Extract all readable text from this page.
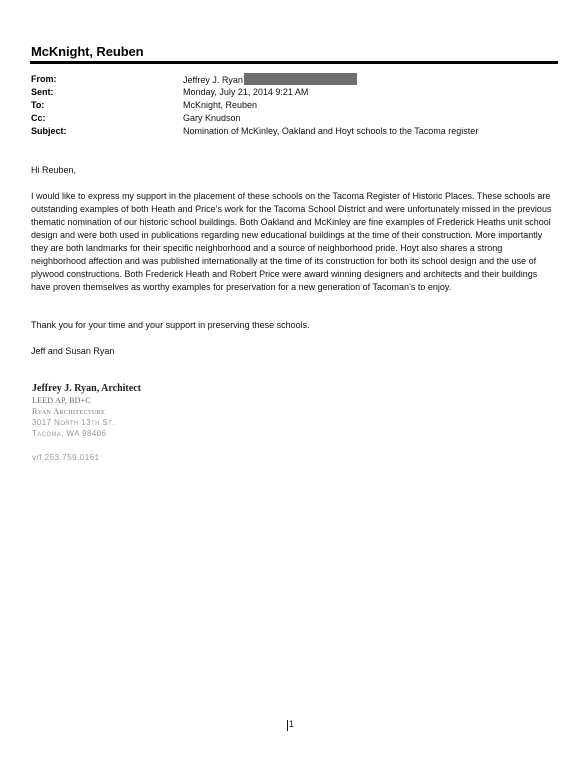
McKnight, Reuben
From:	Jeffrey J. Ryan
Sent:	Monday, July 21, 2014 9:21 AM
To:	McKnight, Reuben
Cc:	Gary Knudson
Subject:	Nomination of McKinley, Oakland and Hoyt schools to the Tacoma register
Hi Reuben,
I would like to express my support in the placement of these schools on the Tacoma Register of Historic Places. These schools are outstanding examples of both Heath and Price’s work for the Tacoma School District and were unfortunately missed in the previous thematic nomination of our historic school buildings. Both Oakland and McKinley are fine examples of Frederick Heaths unit school design and were both used in publications regarding new educational buildings at the time of their construction. More importantly they are both landmarks for their specific neighborhood and a source of neighborhood pride. Hoyt also shares a strong neighborhood affection and was published internationally at the time of its construction for both its school design and the use of plywood constructions. Both Frederick Heath and Robert Price were award winning designers and architects and their buildings have proven themselves as worthy examples for preservation for a new generation of Tacoman’s to enjoy.
Thank you for your time and your support in preserving these schools.
Jeff and Susan Ryan
Jeffrey J. Ryan, Architect
LEED AP, BD+C
Ryan Architecture
3017 North 13th St.
Tacoma, WA 98406
v/f 253.759.0161
1
